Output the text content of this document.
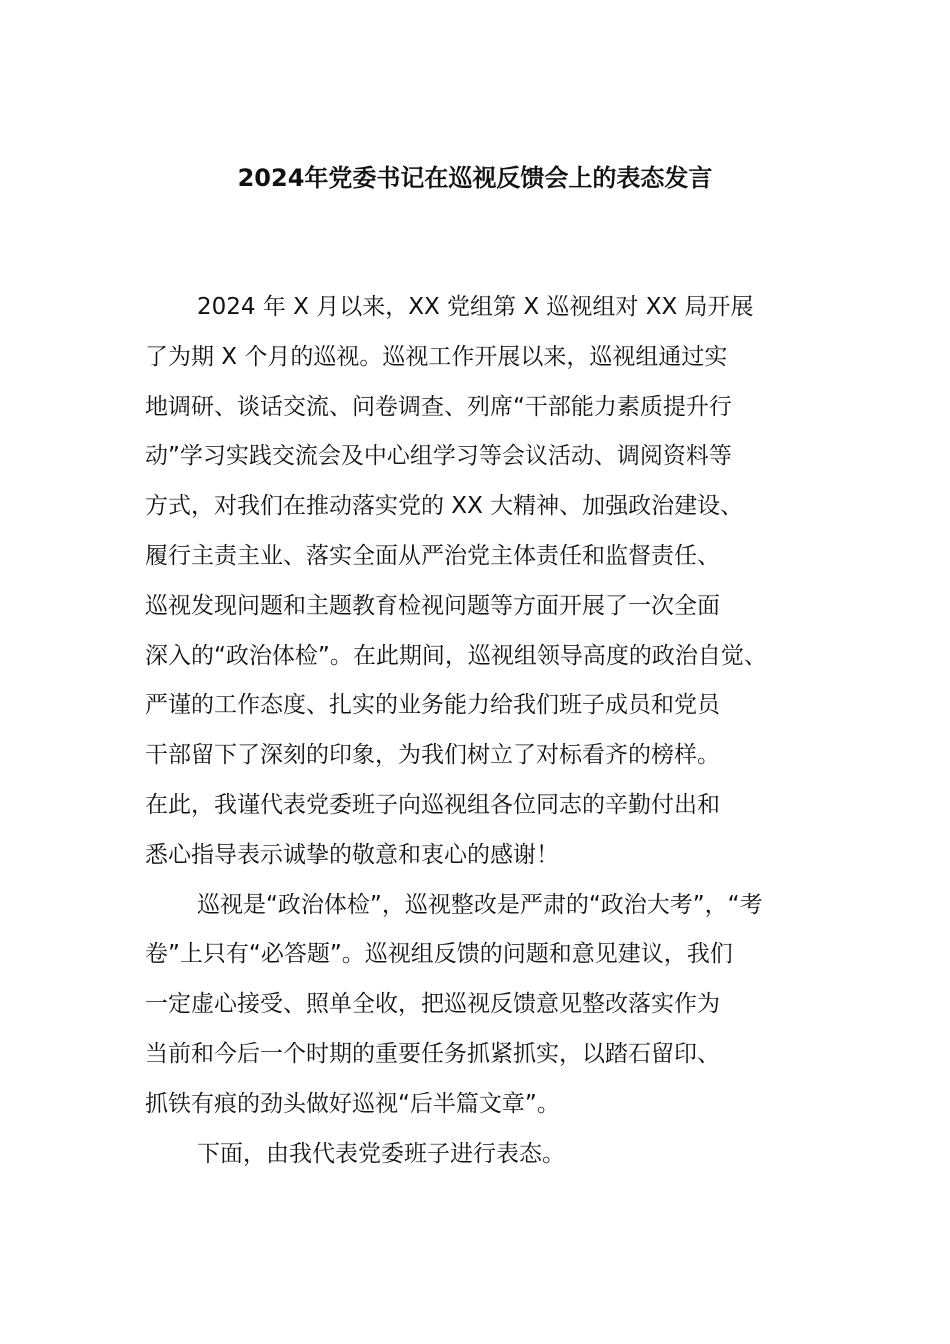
2024年党委书记在巡视反馈会上的表态发言
2024 年 X 月以来，XX 党组第 X 巡视组对 XX 局开展
了为期 X 个月的巡视。巡视工作开展以来，巡视组通过实
地调研、谈话交流、问卷调查、列席“干部能力素质提升行
动”学习实践交流会及中心组学习等会议活动、调阅资料等
方式，对我们在推动落实党的 XX 大精神、加强政治建设、
履行主责主业、落实全面从严治党主体责任和监督责任、
巡视发现问题和主题教育检视问题等方面开展了一次全面
深入的“政治体检”。在此期间，巡视组领导高度的政治自觉、
严谨的工作态度、扎实的业务能力给我们班子成员和党员
干部留下了深刻的印象，为我们树立了对标看齐的榜样。
在此，我谨代表党委班子向巡视组各位同志的辛勤付出和
悉心指导表示诚挚的敬意和衷心的感谢！
巡视是“政治体检”，巡视整改是严肃的“政治大考”，“考
卷”上只有“必答题”。巡视组反馈的问题和意见建议，我们
一定虚心接受、照单全收，把巡视反馈意见整改落实作为
当前和今后一个时期的重要任务抓紧抓实，以踏石留印、
抓铁有痕的劲头做好巡视“后半篇文章”。
下面，由我代表党委班子进行表态。
